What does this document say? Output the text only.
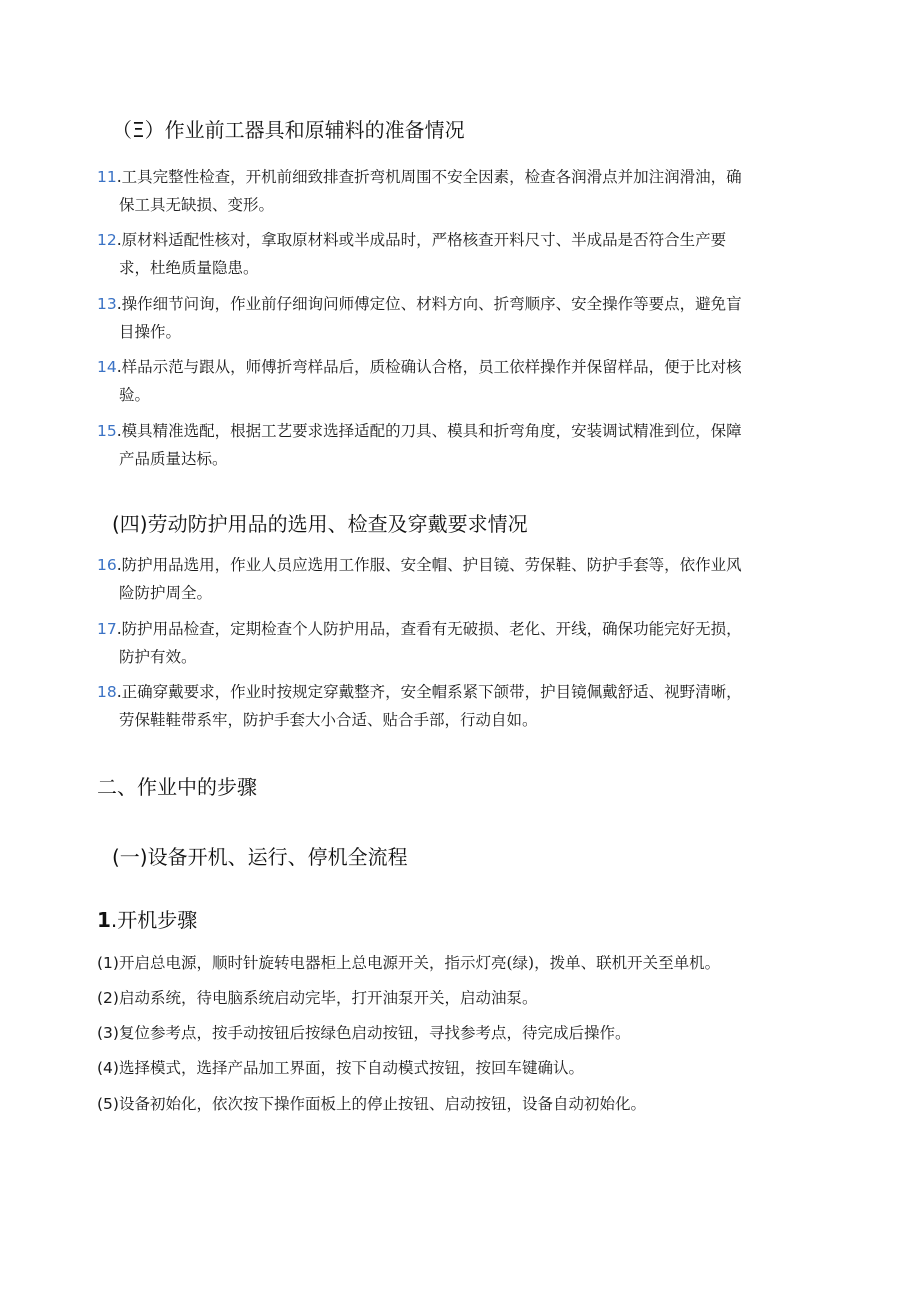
（Ξ）作业前工器具和原辅料的准备情况
11.工具完整性检查，开机前细致排查折弯机周围不安全因素，检查各润滑点并加注润滑油，确
保工具无缺损、变形。
12.原材料适配性核对，拿取原材料或半成品时，严格核查开料尺寸、半成品是否符合生产要
求，杜绝质量隐患。
13.操作细节问询，作业前仔细询问师傅定位、材料方向、折弯顺序、安全操作等要点，避免盲
目操作。
14.样品示范与跟从，师傅折弯样品后，质检确认合格，员工依样操作并保留样品，便于比对核
验。
15.模具精准选配，根据工艺要求选择适配的刀具、模具和折弯角度，安装调试精准到位，保障
产品质量达标。
(四)劳动防护用品的选用、检查及穿戴要求情况
16.防护用品选用，作业人员应选用工作服、安全帽、护目镜、劳保鞋、防护手套等，依作业风
险防护周全。
17.防护用品检查，定期检查个人防护用品，查看有无破损、老化、开线，确保功能完好无损，
防护有效。
18.正确穿戴要求，作业时按规定穿戴整齐，安全帽系紧下颌带，护目镜佩戴舒适、视野清晰，
劳保鞋鞋带系牢，防护手套大小合适、贴合手部，行动自如。
二、作业中的步骤
(一)设备开机、运行、停机全流程
1.开机步骤
(1)开启总电源，顺时针旋转电器柜上总电源开关，指示灯亮(绿)，拨单、联机开关至单机。
(2)启动系统，待电脑系统启动完毕，打开油泵开关，启动油泵。
(3)复位参考点，按手动按钮后按绿色启动按钮，寻找参考点，待完成后操作。
(4)选择模式，选择产品加工界面，按下自动模式按钮，按回车键确认。
(5)设备初始化，依次按下操作面板上的停止按钮、启动按钮，设备自动初始化。
